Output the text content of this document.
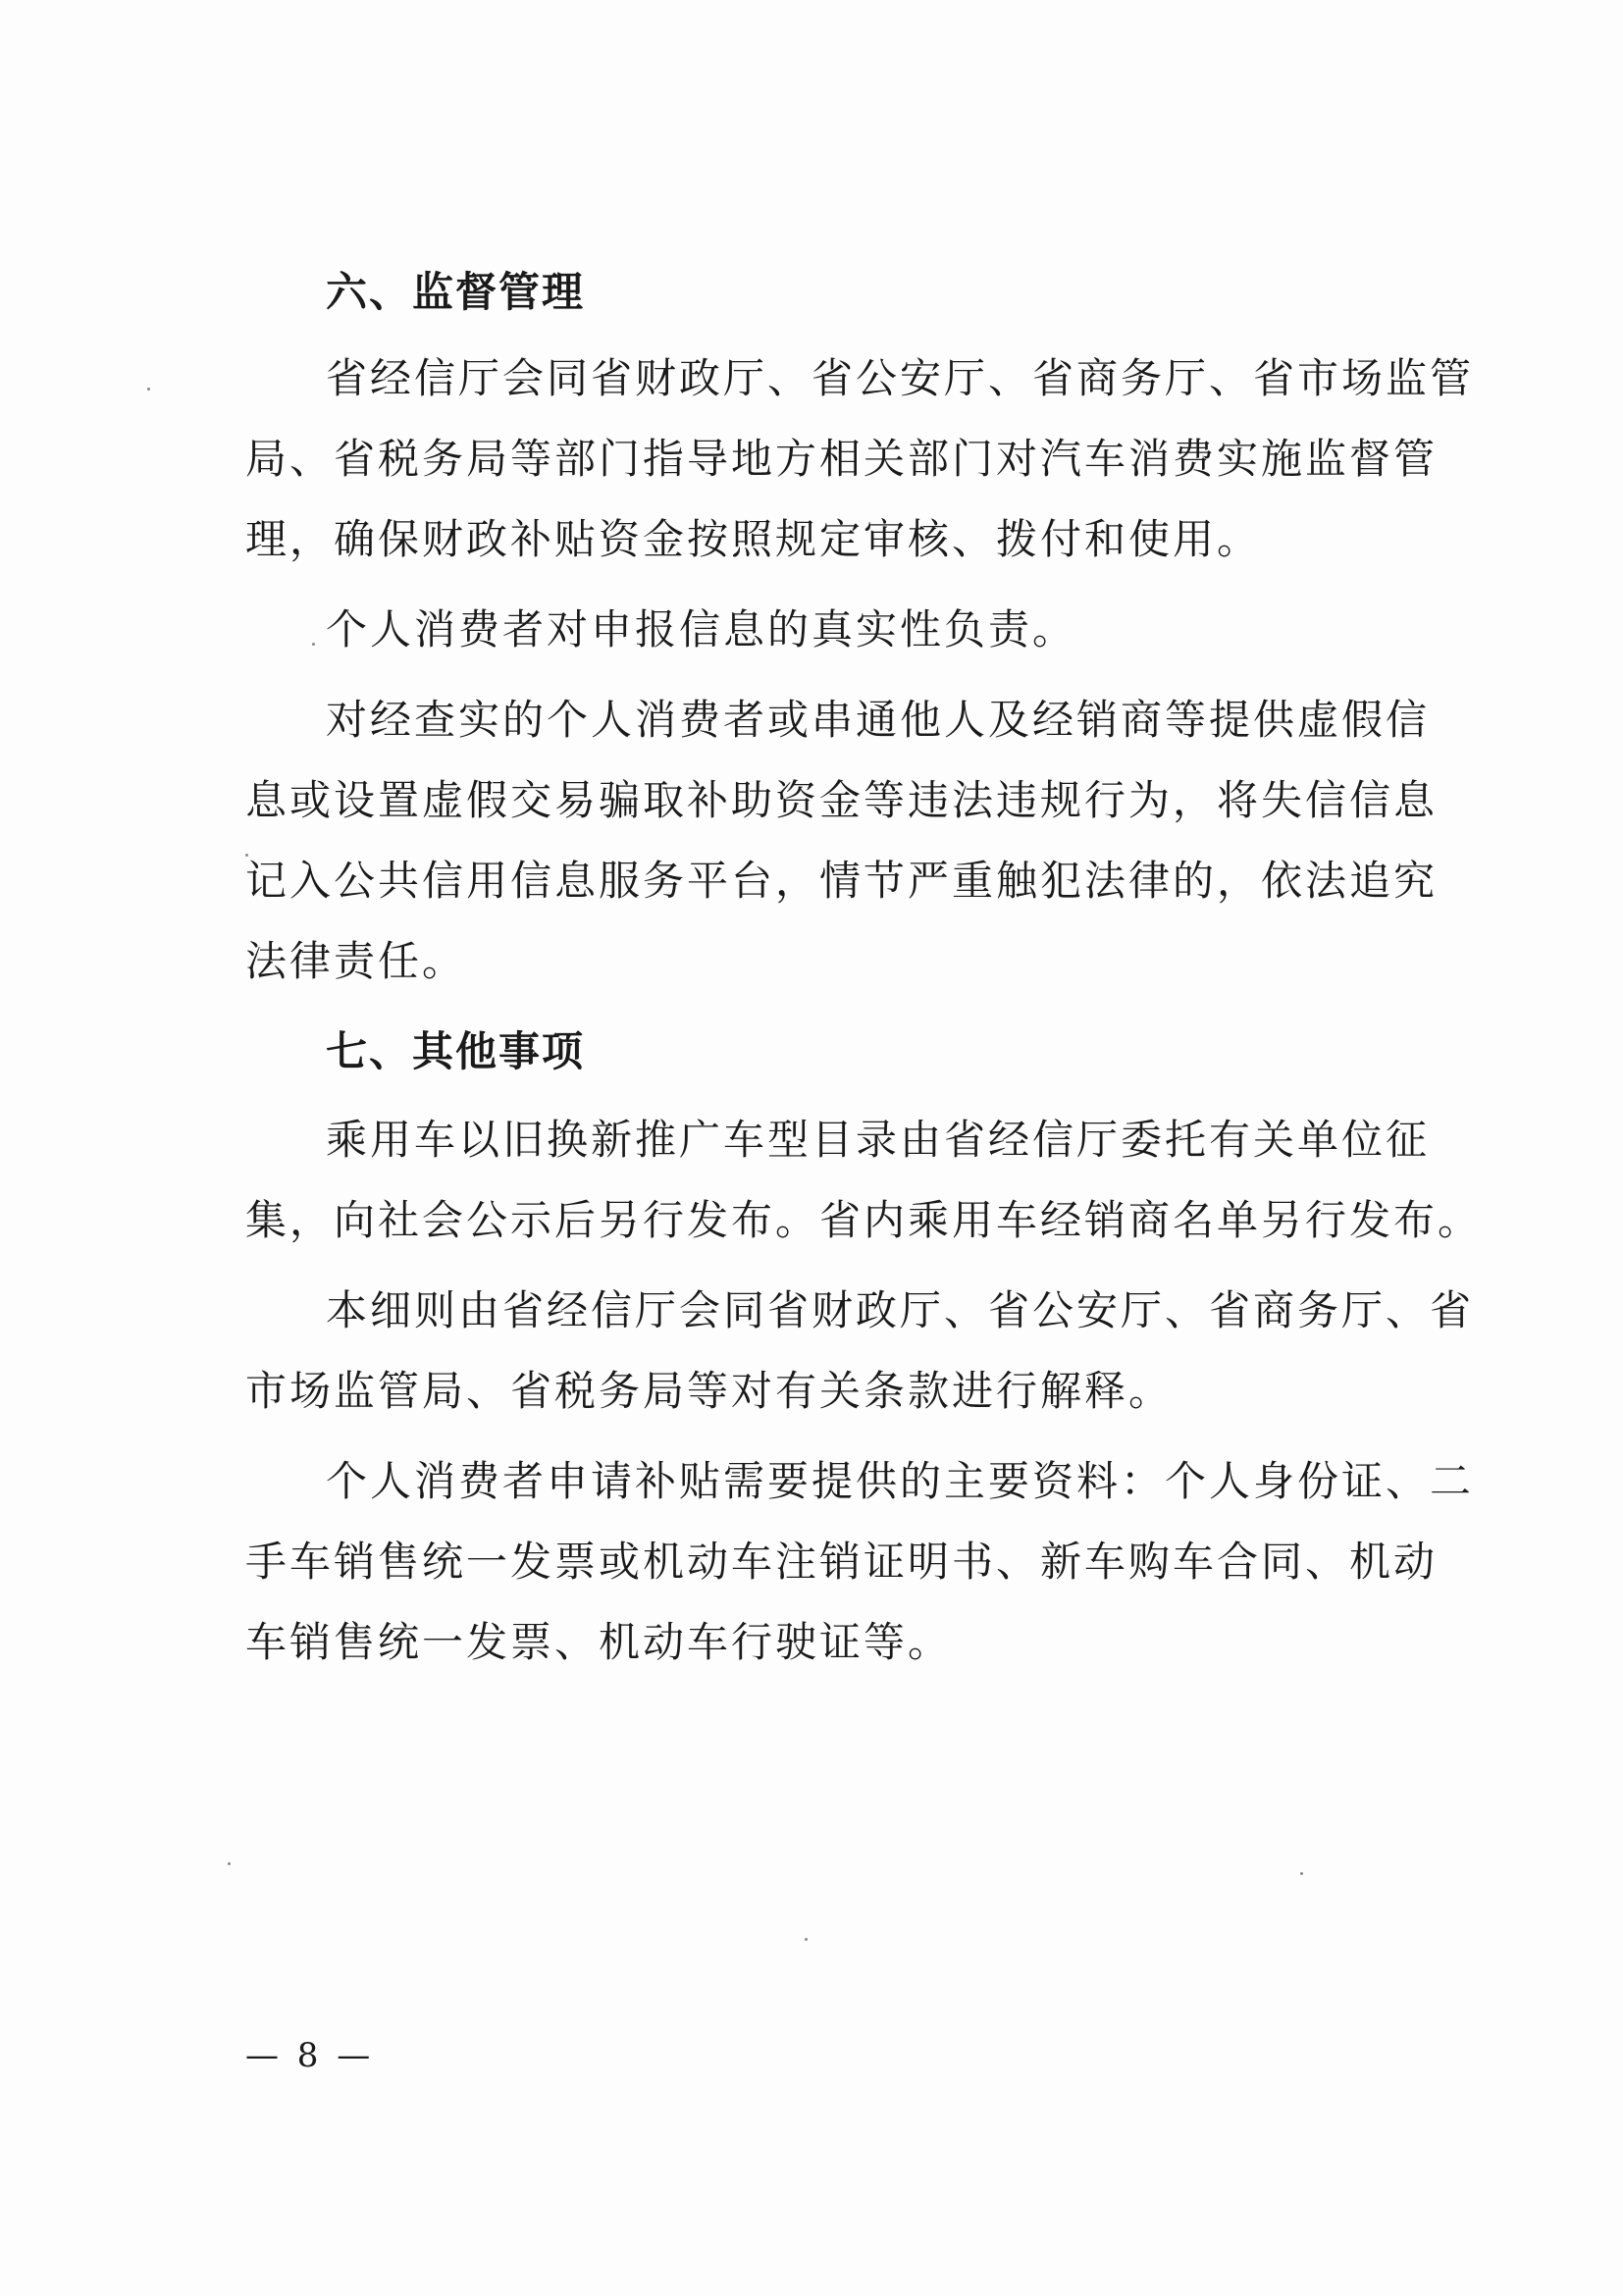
六、监督管理
省经信厅会同省财政厅、省公安厅、省商务厅、省市场监管
局、省税务局等部门指导地方相关部门对汽车消费实施监督管
理，确保财政补贴资金按照规定审核、拨付和使用。
个人消费者对申报信息的真实性负责。
对经查实的个人消费者或串通他人及经销商等提供虚假信
息或设置虚假交易骗取补助资金等违法违规行为，将失信信息
记入公共信用信息服务平台，情节严重触犯法律的，依法追究
法律责任。
七、其他事项
乘用车以旧换新推广车型目录由省经信厅委托有关单位征
集，向社会公示后另行发布。省内乘用车经销商名单另行发布。
本细则由省经信厅会同省财政厅、省公安厅、省商务厅、省
市场监管局、省税务局等对有关条款进行解释。
个人消费者申请补贴需要提供的主要资料：个人身份证、二
手车销售统一发票或机动车注销证明书、新车购车合同、机动
车销售统一发票、机动车行驶证等。
— 8 —
